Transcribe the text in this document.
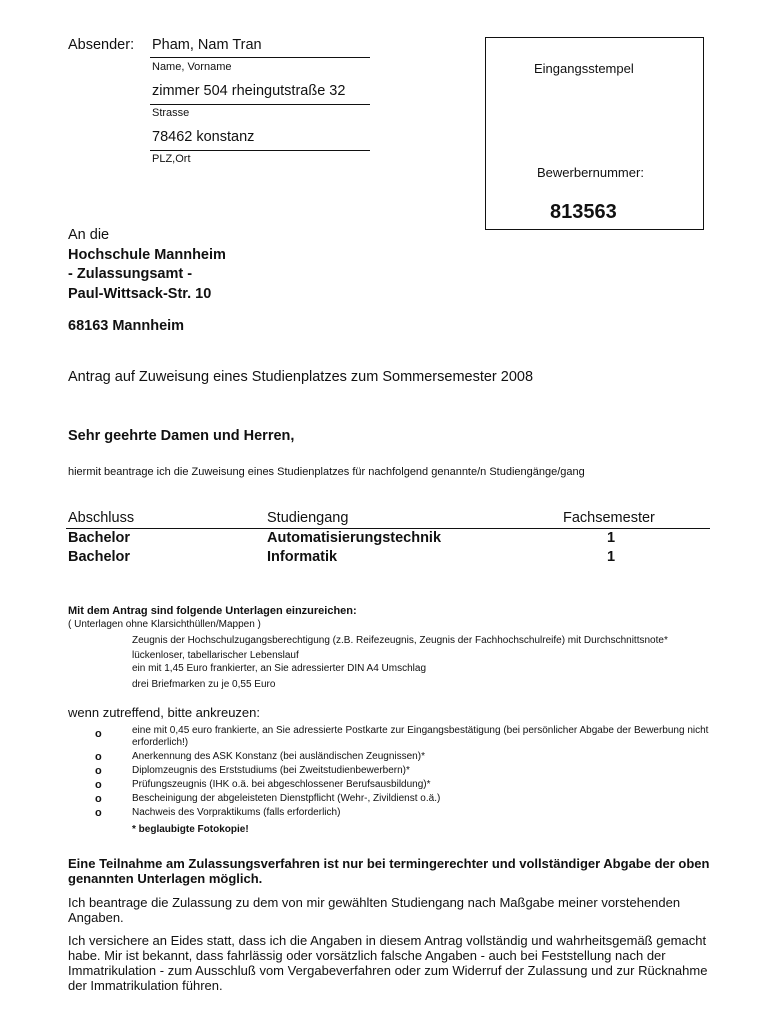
Absender: Pham, Nam Tran
Name, Vorname
zimmer 504 rheingutstraße 32
Strasse
78462 konstanz
PLZ,Ort
Eingangsstempel
Bewerbernummer:
813563
An die
Hochschule Mannheim
- Zulassungsamt -
Paul-Wittsack-Str. 10
68163 Mannheim
Antrag auf Zuweisung eines Studienplatzes zum Sommersemester 2008
Sehr geehrte Damen und Herren,
hiermit beantrage ich die Zuweisung eines Studienplatzes für nachfolgend genannte/n Studiengänge/gang
Abschluss	Studiengang	Fachsemester
Bachelor	Automatisierungstechnik	1
Bachelor	Informatik	1
Mit dem Antrag sind folgende Unterlagen einzureichen:
( Unterlagen ohne Klarsichthüllen/Mappen )
Zeugnis der Hochschulzugangsberechtigung (z.B. Reifezeugnis, Zeugnis der Fachhochschulreife) mit Durchschnittsnote*
lückenloser, tabellarischer Lebenslauf
ein mit 1,45 Euro frankierter, an Sie adressierter DIN A4 Umschlag
drei Briefmarken zu je 0,55 Euro
wenn zutreffend, bitte ankreuzen:
o	eine mit 0,45 euro frankierte, an Sie adressierte Postkarte zur Eingangsbestätigung (bei persönlicher Abgabe der Bewerbung nicht erforderlich!)
o	Anerkennung des ASK Konstanz (bei ausländischen Zeugnissen)*
o	Diplomzeugnis des Erststudiums (bei Zweitstudienbewerbern)*
o	Prüfungszeugnis (IHK o.ä. bei abgeschlossener Berufsausbildung)*
o	Bescheinigung der abgeleisteten Dienstpflicht (Wehr-, Zivildienst o.ä.)
o	Nachweis des Vorpraktikums (falls erforderlich)
* beglaubigte Fotokopie!
Eine Teilnahme am Zulassungsverfahren ist nur bei termingerechter und vollständiger Abgabe der oben genannten Unterlagen möglich.
Ich beantrage die Zulassung zu dem von mir gewählten Studiengang nach Maßgabe meiner vorstehenden Angaben.
Ich versichere an Eides statt, dass ich die Angaben in diesem Antrag vollständig und wahrheitsgemäß gemacht habe. Mir ist bekannt, dass fahrlässig oder vorsätzlich falsche Angaben - auch bei Feststellung nach der Immatrikulation - zum Ausschluß vom Vergabeverfahren oder zum Widerruf der Zulassung und zur Rücknahme der Immatrikulation führen.
